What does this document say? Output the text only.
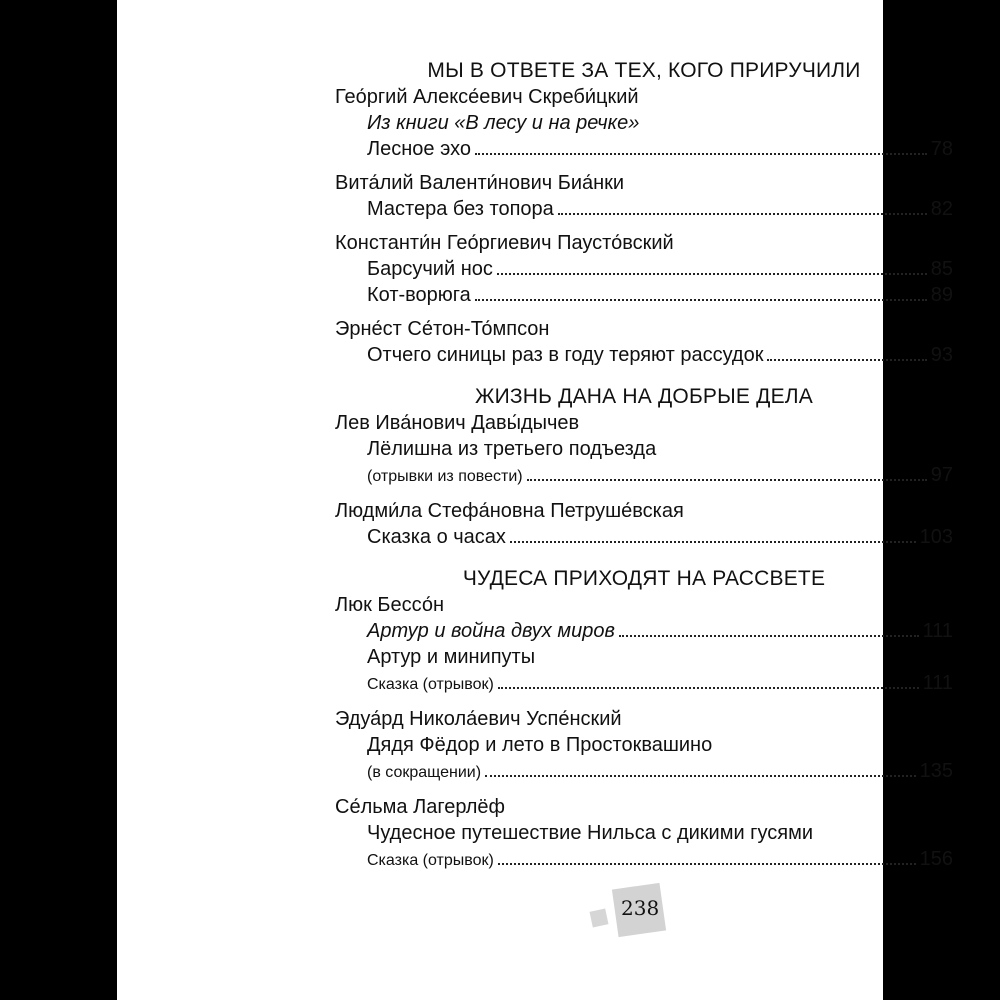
МЫ В ОТВЕТЕ ЗА ТЕХ, КОГО ПРИРУЧИЛИ
Гео́ргий Алексе́евич Скреби́цкий
Из книги «В лесу и на речке»
Лесное эхо	78
Вита́лий Валенти́нович Биа́нки
Мастера без топора	82
Константи́н Гео́ргиевич Паусто́вский
Барсучий нос	85
Кот-ворюга	89
Эрне́ст Се́тон-То́мпсон
Отчего синицы раз в году теряют рассудок	93
ЖИЗНЬ ДАНА НА ДОБРЫЕ ДЕЛА
Лев Ива́нович Давы́дычев
Лёлишна из третьего подъезда
(отрывки из повести)	97
Людми́ла Стефа́новна Петруше́вская
Сказка о часах	103
ЧУДЕСА ПРИХОДЯТ НА РАССВЕТЕ
Люк Бессо́н
Артур и война двух миров	111
Артур и минипуты
Сказка (отрывок)	111
Эдуа́рд Никола́евич Успе́нский
Дядя Фёдор и лето в Простоквашино
(в сокращении)	135
Се́льма Лагерлёф
Чудесное путешествие Нильса с дикими гусями
Сказка (отрывок)	156
238
